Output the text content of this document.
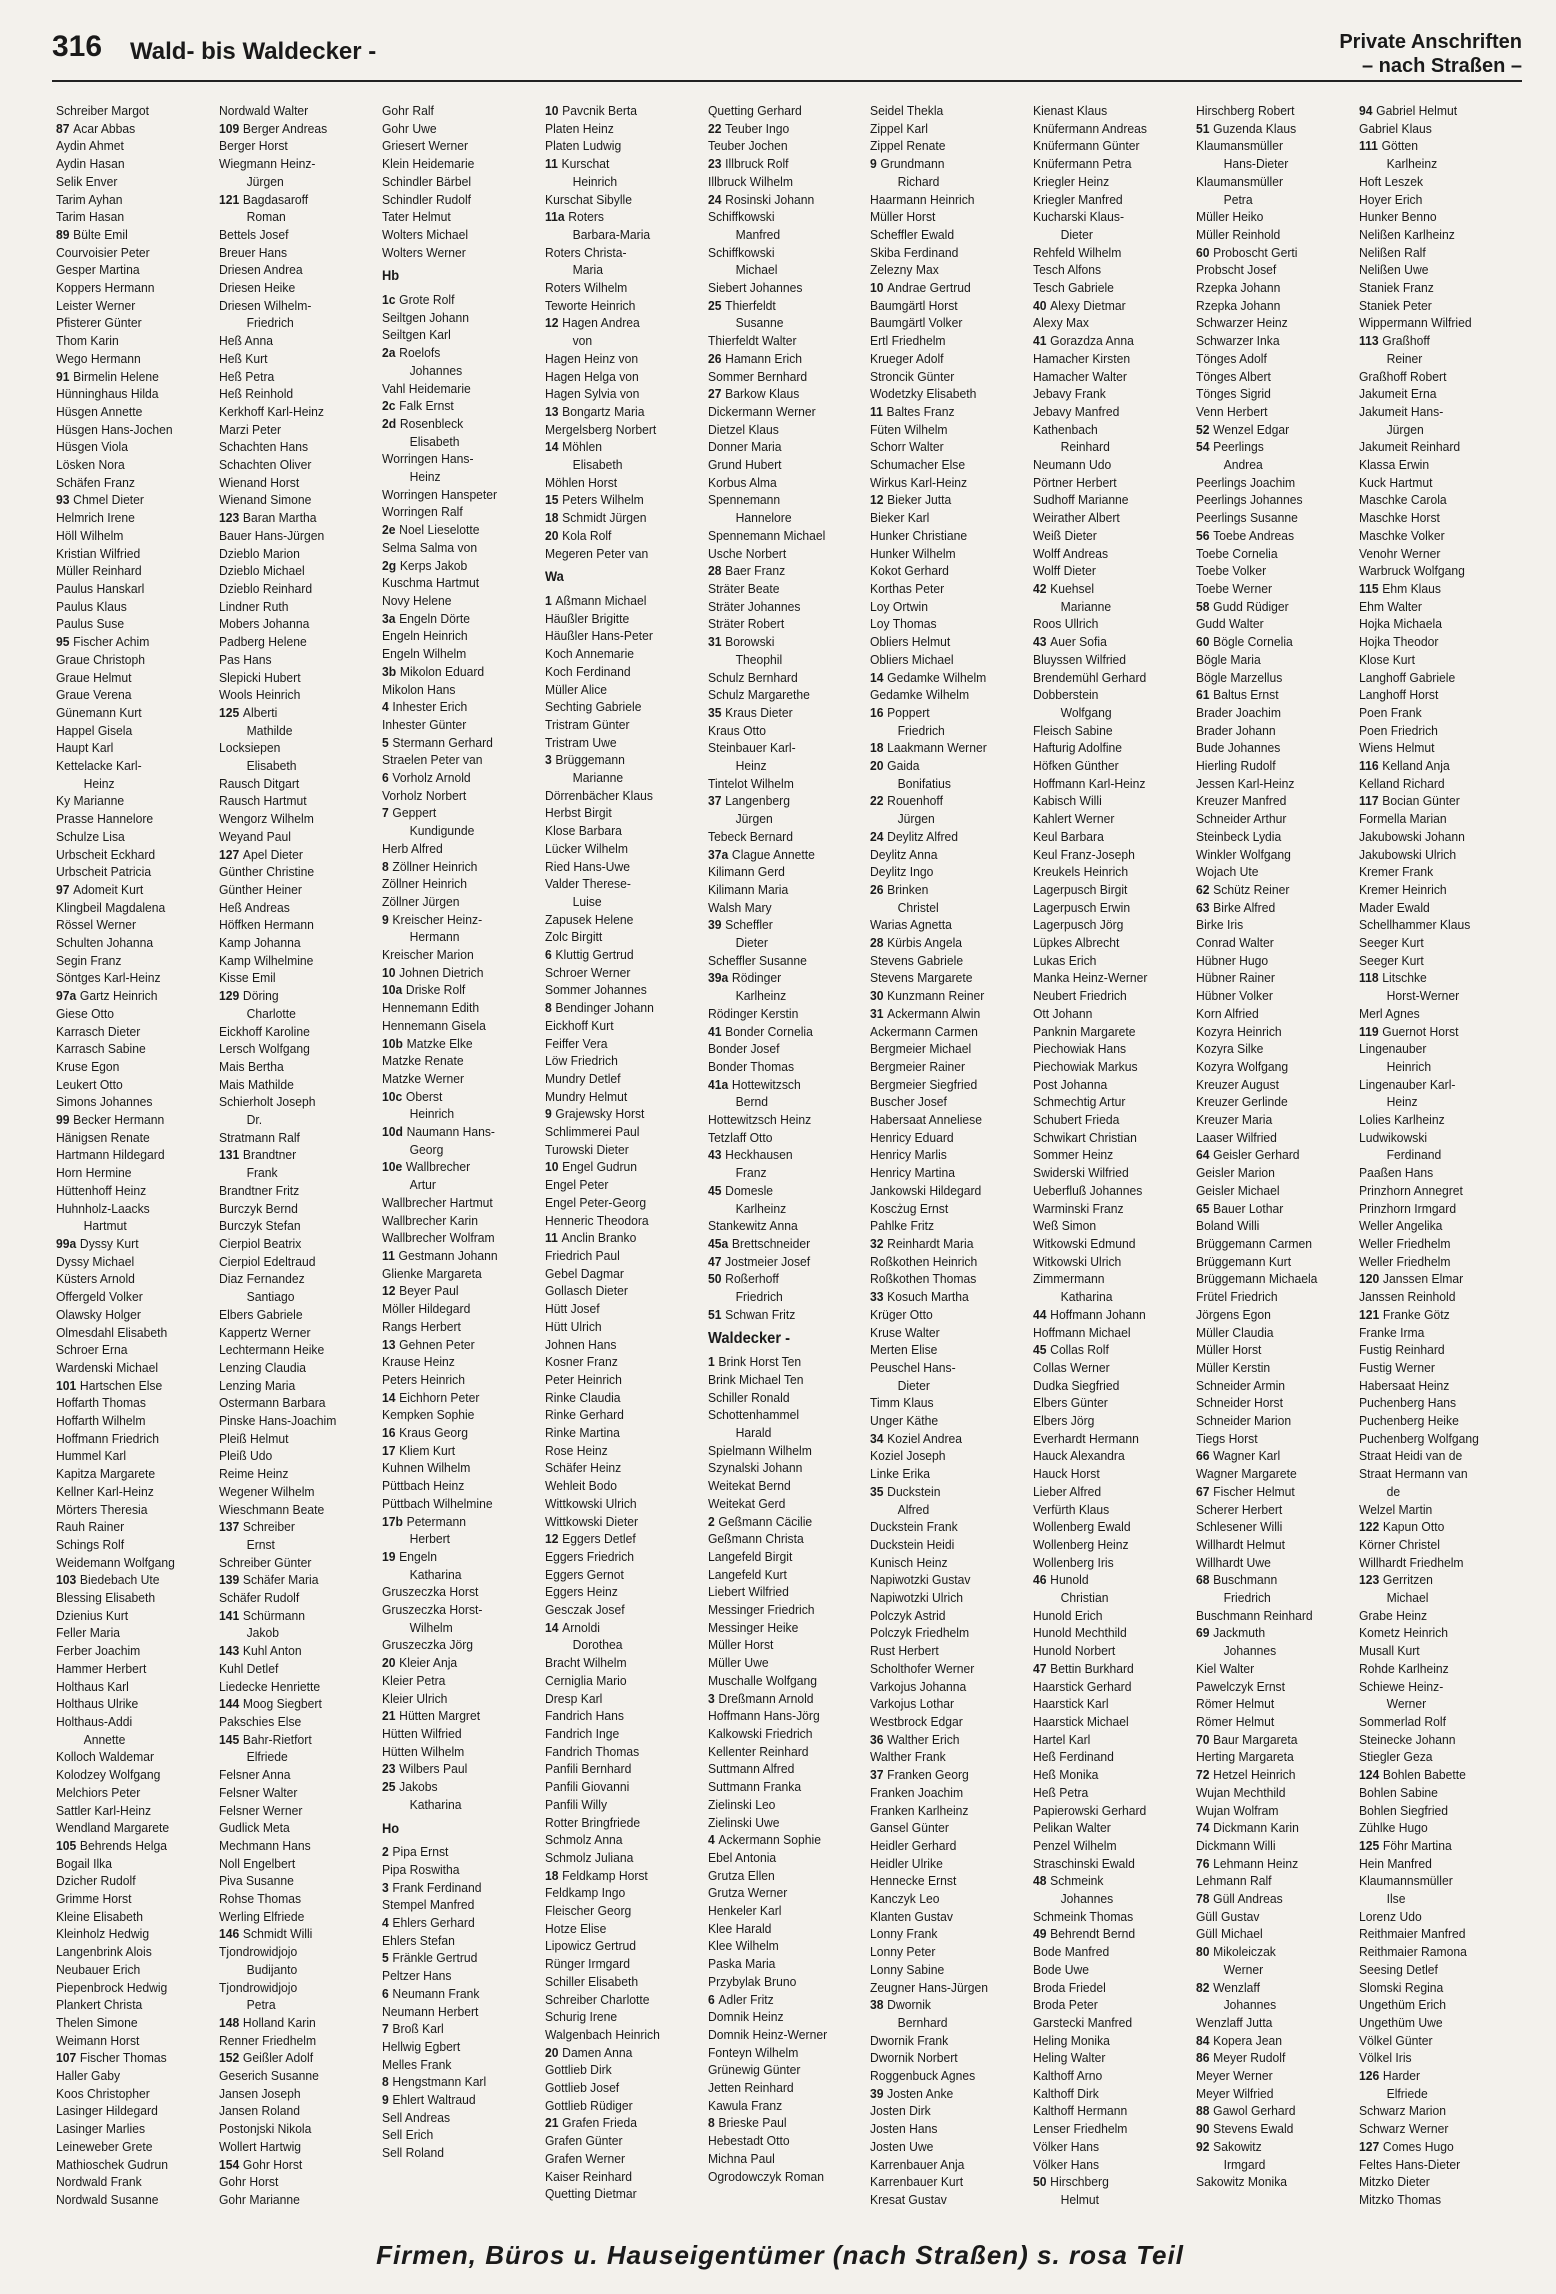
316 Wald- bis Waldecker -	Private Anschriften
– nach Straßen –
Schreiber Margot
87 Acar Abbas
Aydin Ahmet
Aydin Hasan
Selik Enver
Tarim Ayhan
Tarim Hasan
89 Bülte Emil
Courvoisier Peter
Gesper Martina
Koppers Hermann
Leister Werner
Pfisterer Günter
Thom Karin
Wego Hermann
91 Birmelin Helene
Hünninghaus Hilda
Hüsgen Annette
Hüsgen Hans-Jochen
Hüsgen Viola
Lösken Nora
Schäfen Franz
93 Chmel Dieter
Helmrich Irene
Höll Wilhelm
Kristian Wilfried
Müller Reinhard
Paulus Hanskarl
Paulus Klaus
Paulus Suse
95 Fischer Achim
Graue Christoph
Graue Helmut
Graue Verena
Günemann Kurt
Happel Gisela
Haupt Karl
Kettelacke Karl-
Heinz
Ky Marianne
Prasse Hannelore
Schulze Lisa
Urbscheit Eckhard
Urbscheit Patricia
97 Adomeit Kurt
Klingbeil Magdalena
Rössel Werner
Schulten Johanna
Segin Franz
Söntges Karl-Heinz
97a Gartz Heinrich
Giese Otto
Karrasch Dieter
Karrasch Sabine
Kruse Egon
Leukert Otto
Simons Johannes
99 Becker Hermann
Hänigsen Renate
Hartmann Hildegard
Horn Hermine
Hüttenhoff Heinz
Huhnholz-Laacks
Hartmut
99a Dyssy Kurt
Dyssy Michael
Küsters Arnold
Offergeld Volker
Olawsky Holger
Olmesdahl Elisabeth
Schroer Erna
Wardenski Michael
101 Hartschen Else
Hoffarth Thomas
Hoffarth Wilhelm
Hoffmann Friedrich
Hummel Karl
Kapitza Margarete
Kellner Karl-Heinz
Mörters Theresia
Rauh Rainer
Schings Rolf
Weidemann Wolfgang
103 Biedebach Ute
Blessing Elisabeth
Dzienius Kurt
Feller Maria
Ferber Joachim
Hammer Herbert
Holthaus Karl
Holthaus Ulrike
Holthaus-Addi
Annette
Kolloch Waldemar
Kolodzey Wolfgang
Melchiors Peter
Sattler Karl-Heinz
Wendland Margarete
105 Behrends Helga
Bogail Ilka
Dzicher Rudolf
Grimme Horst
Kleine Elisabeth
Kleinholz Hedwig
Langenbrink Alois
Neubauer Erich
Piepenbrock Hedwig
Plankert Christa
Thelen Simone
Weimann Horst
107 Fischer Thomas
Haller Gaby
Koos Christopher
Lasinger Hildegard
Lasinger Marlies
Leineweber Grete
Mathioschek Gudrun
Nordwald Frank
Nordwald Susanne
Nordwald Walter
109 Berger Andreas
Berger Horst
Wiegmann Heinz-
Jürgen
121 Bagdasaroff
Roman
Bettels Josef
Breuer Hans
Driesen Andrea
Driesen Heike
Driesen Wilhelm-
Friedrich
Heß Anna
Heß Kurt
Heß Petra
Heß Reinhold
Kerkhoff Karl-Heinz
Marzi Peter
Schachten Hans
Schachten Oliver
Wienand Horst
Wienand Simone
123 Baran Martha
Bauer Hans-Jürgen
Dzieblo Marion
Dzieblo Michael
Dzieblo Reinhard
Lindner Ruth
Mobers Johanna
Padberg Helene
Pas Hans
Slepicki Hubert
Wools Heinrich
125 Alberti
Mathilde
Locksiepen
Elisabeth
Rausch Ditgart
Rausch Hartmut
Wengorz Wilhelm
Weyand Paul
127 Apel Dieter
Günther Christine
Günther Heiner
Heß Andreas
Höffken Hermann
Kamp Johanna
Kamp Wilhelmine
Kisse Emil
129 Döring
Charlotte
Eickhoff Karoline
Lersch Wolfgang
Mais Bertha
Mais Mathilde
Schierholt Joseph
Dr.
Stratmann Ralf
131 Brandtner
Frank
Brandtner Fritz
Burczyk Bernd
Burczyk Stefan
Cierpiol Beatrix
Cierpiol Edeltraud
Diaz Fernandez
Santiago
Elbers Gabriele
Kappertz Werner
Lechtermann Heike
Lenzing Claudia
Lenzing Maria
Ostermann Barbara
Pinske Hans-Joachim
Pleiß Helmut
Pleiß Udo
Reime Heinz
Wegener Wilhelm
Wieschmann Beate
137 Schreiber
Ernst
Schreiber Günter
139 Schäfer Maria
Schäfer Rudolf
141 Schürmann
Jakob
143 Kuhl Anton
Kuhl Detlef
Liedecke Henriette
144 Moog Siegbert
Pakschies Else
145 Bahr-Rietfort
Elfriede
Felsner Anna
Felsner Walter
Felsner Werner
Gudlick Meta
Mechmann Hans
Noll Engelbert
Piva Susanne
Rohse Thomas
Werling Elfriede
146 Schmidt Willi
Tjondrowidjojo
Budijanto
Tjondrowidjojo
Petra
148 Holland Karin
Renner Friedhelm
152 Geißler Adolf
Geserich Susanne
Jansen Joseph
Jansen Roland
Postonjski Nikola
Wollert Hartwig
154 Gohr Horst
Gohr Horst
Gohr Marianne
Gohr Ralf
Gohr Uwe
Griesert Werner
Klein Heidemarie
Schindler Bärbel
Schindler Rudolf
Tater Helmut
Wolters Michael
Wolters Werner
Hb
1c Grote Rolf
Seiltgen Johann
Seiltgen Karl
2a Roelofs
Johannes
Vahl Heidemarie
2c Falk Ernst
2d Rosenbleck
Elisabeth
Worringen Hans-
Heinz
Worringen Hanspeter
Worringen Ralf
2e Noel Lieselotte
Selma Salma von
2g Kerps Jakob
Kuschma Hartmut
Novy Helene
3a Engeln Dörte
Engeln Heinrich
Engeln Wilhelm
3b Mikolon Eduard
Mikolon Hans
4 Inhester Erich
Inhester Günter
5 Stermann Gerhard
Straelen Peter van
6 Vorholz Arnold
Vorholz Norbert
7 Geppert
Kundigunde
Herb Alfred
8 Zöllner Heinrich
Zöllner Heinrich
Zöllner Jürgen
9 Kreischer Heinz-
Hermann
Kreischer Marion
10 Johnen Dietrich
10a Driske Rolf
Hennemann Edith
Hennemann Gisela
10b Matzke Elke
Matzke Renate
Matzke Werner
10c Oberst
Heinrich
10d Naumann Hans-
Georg
10e Wallbrecher
Artur
Wallbrecher Hartmut
Wallbrecher Karin
Wallbrecher Wolfram
11 Gestmann Johann
Glienke Margareta
12 Beyer Paul
Möller Hildegard
Rangs Herbert
13 Gehnen Peter
Krause Heinz
Peters Heinrich
14 Eichhorn Peter
Kempken Sophie
16 Kraus Georg
17 Kliem Kurt
Kuhnen Wilhelm
Püttbach Heinz
Püttbach Wilhelmine
17b Petermann
Herbert
19 Engeln
Katharina
Gruszeczka Horst
Gruszeczka Horst-
Wilhelm
Gruszeczka Jörg
20 Kleier Anja
Kleier Petra
Kleier Ulrich
21 Hütten Margret
Hütten Wilfried
Hütten Wilhelm
23 Wilbers Paul
25 Jakobs
Katharina
Ho
2 Pipa Ernst
Pipa Roswitha
3 Frank Ferdinand
Stempel Manfred
4 Ehlers Gerhard
Ehlers Stefan
5 Fränkle Gertrud
Peltzer Hans
6 Neumann Frank
Neumann Herbert
7 Broß Karl
Hellwig Egbert
Melles Frank
8 Hengstmann Karl
9 Ehlert Waltraud
Sell Andreas
Sell Erich
Sell Roland
10 Pavcnik Berta
Platen Heinz
Platen Ludwig
11 Kurschat
Heinrich
Kurschat Sibylle
11a Roters
Barbara-Maria
Roters Christa-
Maria
Roters Wilhelm
Teworte Heinrich
12 Hagen Andrea
von
Hagen Heinz von
Hagen Helga von
Hagen Sylvia von
13 Bongartz Maria
Mergelsberg Norbert
14 Möhlen
Elisabeth
Möhlen Horst
15 Peters Wilhelm
18 Schmidt Jürgen
20 Kola Rolf
Megeren Peter van
Wa
1 Aßmann Michael
Häußler Brigitte
Häußler Hans-Peter
Koch Annemarie
Koch Ferdinand
Müller Alice
Sechting Gabriele
Tristram Günter
Tristram Uwe
3 Brüggemann
Marianne
Dörrenbächer Klaus
Herbst Birgit
Klose Barbara
Lücker Wilhelm
Ried Hans-Uwe
Valder Therese-
Luise
Zapusek Helene
Zolc Birgitt
6 Kluttig Gertrud
Schroer Werner
Sommer Johannes
8 Bendinger Johann
Eickhoff Kurt
Feiffer Vera
Löw Friedrich
Mundry Detlef
Mundry Helmut
9 Grajewsky Horst
Schlimmerei Paul
Turowski Dieter
10 Engel Gudrun
Engel Peter
Engel Peter-Georg
Henneric Theodora
11 Anclin Branko
Friedrich Paul
Gebel Dagmar
Gollasch Dieter
Hütt Josef
Hütt Ulrich
Johnen Hans
Kosner Franz
Peter Heinrich
Rinke Claudia
Rinke Gerhard
Rinke Martina
Rose Heinz
Schäfer Heinz
Wehleit Bodo
Wittkowski Ulrich
Wittkowski Dieter
12 Eggers Detlef
Eggers Friedrich
Eggers Gernot
Eggers Heinz
Gesczak Josef
14 Arnoldi
Dorothea
Bracht Wilhelm
Cerniglia Mario
Dresp Karl
Fandrich Hans
Fandrich Inge
Fandrich Thomas
Panfili Bernhard
Panfili Giovanni
Panfili Willy
Rotter Bringfriede
Schmolz Anna
Schmolz Juliana
18 Feldkamp Horst
Feldkamp Ingo
Fleischer Georg
Hotze Elise
Lipowicz Gertrud
Rünger Irmgard
Schiller Elisabeth
Schreiber Charlotte
Schurig Irene
Walgenbach Heinrich
20 Damen Anna
Gottlieb Dirk
Gottlieb Josef
Gottlieb Rüdiger
21 Grafen Frieda
Grafen Günter
Grafen Werner
Kaiser Reinhard
Quetting Dietmar
Quetting Gerhard
22 Teuber Ingo
Teuber Jochen
23 Illbruck Rolf
Illbruck Wilhelm
24 Rosinski Johann
Schiffkowski
Manfred
Schiffkowski
Michael
Siebert Johannes
25 Thierfeldt
Susanne
Thierfeldt Walter
26 Hamann Erich
Sommer Bernhard
27 Barkow Klaus
Dickermann Werner
Dietzel Klaus
Donner Maria
Grund Hubert
Korbus Alma
Spennemann
Hannelore
Spennemann Michael
Usche Norbert
28 Baer Franz
Sträter Beate
Sträter Johannes
Sträter Robert
31 Borowski
Theophil
Schulz Bernhard
Schulz Margarethe
35 Kraus Dieter
Kraus Otto
Steinbauer Karl-
Heinz
Tintelot Wilhelm
37 Langenberg
Jürgen
Tebeck Bernard
37a Clague Annette
Kilimann Gerd
Kilimann Maria
Walsh Mary
39 Scheffler
Dieter
Scheffler Susanne
39a Rödinger
Karlheinz
Rödinger Kerstin
41 Bonder Cornelia
Bonder Josef
Bonder Thomas
41a Hottewitzsch
Bernd
Hottewitzsch Heinz
Tetzlaff Otto
43 Heckhausen
Franz
45 Domesle
Karlheinz
Stankewitz Anna
45a Brettschneider
47 Jostmeier Josef
50 Roßerhoff
Friedrich
51 Schwan Fritz
Waldecker -
1 Brink Horst Ten
Brink Michael Ten
Schiller Ronald
Schottenhammel
Harald
Spielmann Wilhelm
Szynalski Johann
Weitekat Bernd
Weitekat Gerd
2 Geßmann Cäcilie
Geßmann Christa
Langefeld Birgit
Langefeld Kurt
Liebert Wilfried
Messinger Friedrich
Messinger Heike
Müller Horst
Müller Uwe
Muschalle Wolfgang
3 Dreßmann Arnold
Hoffmann Hans-Jörg
Kalkowski Friedrich
Kellenter Reinhard
Suttmann Alfred
Suttmann Franka
Zielinski Leo
Zielinski Uwe
4 Ackermann Sophie
Ebel Antonia
Grutza Ellen
Grutza Werner
Henkeler Karl
Klee Harald
Klee Wilhelm
Paska Maria
Przybylak Bruno
6 Adler Fritz
Domnik Heinz
Domnik Heinz-Werner
Fonteyn Wilhelm
Grünewig Günter
Jetten Reinhard
Kawula Franz
8 Brieske Paul
Hebestadt Otto
Michna Paul
Ogrodowczyk Roman
Seidel Thekla
Zippel Karl
Zippel Renate
9 Grundmann
Richard
Haarmann Heinrich
Müller Horst
Scheffler Ewald
Skiba Ferdinand
Zelezny Max
10 Andrae Gertrud
Baumgärtl Horst
Baumgärtl Volker
Ertl Friedhelm
Krueger Adolf
Stroncik Günter
Wodetzky Elisabeth
11 Baltes Franz
Füten Wilhelm
Schorr Walter
Schumacher Else
Wirkus Karl-Heinz
12 Bieker Jutta
Bieker Karl
Hunker Christiane
Hunker Wilhelm
Kokot Gerhard
Korthas Peter
Loy Ortwin
Loy Thomas
Obliers Helmut
Obliers Michael
14 Gedamke Wilhelm
Gedamke Wilhelm
16 Poppert
Friedrich
18 Laakmann Werner
20 Gaida
Bonifatius
22 Rouenhoff
Jürgen
24 Deylitz Alfred
Deylitz Anna
Deylitz Ingo
26 Brinken
Christel
Warias Agnetta
28 Kürbis Angela
Stevens Gabriele
Stevens Margarete
30 Kunzmann Reiner
31 Ackermann Alwin
Ackermann Carmen
Bergmeier Michael
Bergmeier Rainer
Bergmeier Siegfried
Buscher Josef
Habersaat Anneliese
Henricy Eduard
Henricy Marlis
Henricy Martina
Jankowski Hildegard
Koscżug Ernst
Pahlke Fritz
32 Reinhardt Maria
Roßkothen Heinrich
Roßkothen Thomas
33 Kosuch Martha
Krüger Otto
Kruse Walter
Merten Elise
Peuschel Hans-
Dieter
Timm Klaus
Unger Käthe
34 Koziel Andrea
Koziel Joseph
Linke Erika
35 Duckstein
Alfred
Duckstein Frank
Duckstein Heidi
Kunisch Heinz
Napiwotzki Gustav
Napiwotzki Ulrich
Polczyk Astrid
Polczyk Friedhelm
Rust Herbert
Scholthofer Werner
Varkojus Johanna
Varkojus Lothar
Westbrock Edgar
36 Walther Erich
Walther Frank
37 Franken Georg
Franken Joachim
Franken Karlheinz
Gansel Günter
Heidler Gerhard
Heidler Ulrike
Hennecke Ernst
Kanczyk Leo
Klanten Gustav
Lonny Frank
Lonny Peter
Lonny Sabine
Zeugner Hans-Jürgen
38 Dwornik
Bernhard
Dwornik Frank
Dwornik Norbert
Roggenbuck Agnes
39 Josten Anke
Josten Dirk
Josten Hans
Josten Uwe
Karrenbauer Anja
Karrenbauer Kurt
Kresat Gustav
Kienast Klaus
Knüfermann Andreas
Knüfermann Günter
Knüfermann Petra
Kriegler Heinz
Kriegler Manfred
Kucharski Klaus-
Dieter
Rehfeld Wilhelm
Tesch Alfons
Tesch Gabriele
40 Alexy Dietmar
Alexy Max
41 Gorazdza Anna
Hamacher Kirsten
Hamacher Walter
Jebavy Frank
Jebavy Manfred
Kathenbach
Reinhard
Neumann Udo
Pörtner Herbert
Sudhoff Marianne
Weirather Albert
Weiß Dieter
Wolff Andreas
Wolff Dieter
42 Kuehsel
Marianne
Roos Ullrich
43 Auer Sofia
Bluyssen Wilfried
Brendemühl Gerhard
Dobberstein
Wolfgang
Fleisch Sabine
Hafturig Adolfine
Höfken Günther
Hoffmann Karl-Heinz
Kabisch Willi
Kahlert Werner
Keul Barbara
Keul Franz-Joseph
Kreukels Heinrich
Lagerpusch Birgit
Lagerpusch Erwin
Lagerpusch Jörg
Lüpkes Albrecht
Lukas Erich
Manka Heinz-Werner
Neubert Friedrich
Ott Johann
Panknin Margarete
Piechowiak Hans
Piechowiak Markus
Post Johanna
Schmechtig Artur
Schubert Frieda
Schwikart Christian
Sommer Heinz
Swiderski Wilfried
Ueberfluß Johannes
Warminski Franz
Weß Simon
Witkowski Edmund
Witkowski Ulrich
Zimmermann
Katharina
44 Hoffmann Johann
Hoffmann Michael
45 Collas Rolf
Collas Werner
Dudka Siegfried
Elbers Günter
Elbers Jörg
Everhardt Hermann
Hauck Alexandra
Hauck Horst
Lieber Alfred
Verfürth Klaus
Wollenberg Ewald
Wollenberg Heinz
Wollenberg Iris
46 Hunold
Christian
Hunold Erich
Hunold Mechthild
Hunold Norbert
47 Bettin Burkhard
Haarstick Gerhard
Haarstick Karl
Haarstick Michael
Hartel Karl
Heß Ferdinand
Heß Monika
Heß Petra
Papierowski Gerhard
Pelikan Walter
Penzel Wilhelm
Straschinski Ewald
48 Schmeink
Johannes
Schmeink Thomas
49 Behrendt Bernd
Bode Manfred
Bode Uwe
Broda Friedel
Broda Peter
Garstecki Manfred
Heling Monika
Heling Walter
Kalthoff Arno
Kalthoff Dirk
Kalthoff Hermann
Lenser Friedhelm
Völker Hans
Völker Hans
50 Hirschberg
Helmut
Hirschberg Robert
51 Guzenda Klaus
Klaumansmüller
Hans-Dieter
Klaumansmüller
Petra
Müller Heiko
Müller Reinhold
60 Proboscht Gerti
Probscht Josef
Rzepka Johann
Rzepka Johann
Schwarzer Heinz
Schwarzer Inka
Tönges Adolf
Tönges Albert
Tönges Sigrid
Venn Herbert
52 Wenzel Edgar
54 Peerlings
Andrea
Peerlings Joachim
Peerlings Johannes
Peerlings Susanne
56 Toebe Andreas
Toebe Cornelia
Toebe Volker
Toebe Werner
58 Gudd Rüdiger
Gudd Walter
60 Bögle Cornelia
Bögle Maria
Bögle Marzellus
61 Baltus Ernst
Brader Joachim
Brader Johann
Bude Johannes
Hierling Rudolf
Jessen Karl-Heinz
Kreuzer Manfred
Schneider Arthur
Steinbeck Lydia
Winkler Wolfgang
Wojach Ute
62 Schütz Reiner
63 Birke Alfred
Birke Iris
Conrad Walter
Hübner Hugo
Hübner Rainer
Hübner Volker
Korn Alfried
Kozyra Heinrich
Kozyra Silke
Kozyra Wolfgang
Kreuzer August
Kreuzer Gerlinde
Kreuzer Maria
Laaser Wilfried
64 Geisler Gerhard
Geisler Marion
Geisler Michael
65 Bauer Lothar
Boland Willi
Brüggemann Carmen
Brüggemann Kurt
Brüggemann Michaela
Frütel Friedrich
Jörgens Egon
Müller Claudia
Müller Horst
Müller Kerstin
Schneider Armin
Schneider Horst
Schneider Marion
Tiegs Horst
66 Wagner Karl
Wagner Margarete
67 Fischer Helmut
Scherer Herbert
Schlesener Willi
Willhardt Helmut
Willhardt Uwe
68 Buschmann
Friedrich
Buschmann Reinhard
69 Jackmuth
Johannes
Kiel Walter
Pawelczyk Ernst
Römer Helmut
Römer Helmut
70 Baur Margareta
Herting Margareta
72 Hetzel Heinrich
Wujan Mechthild
Wujan Wolfram
74 Dickmann Karin
Dickmann Willi
76 Lehmann Heinz
Lehmann Ralf
78 Güll Andreas
Güll Gustav
Güll Michael
80 Mikoleiczak
Werner
82 Wenzlaff
Johannes
Wenzlaff Jutta
84 Kopera Jean
86 Meyer Rudolf
Meyer Werner
Meyer Wilfried
88 Gawol Gerhard
90 Stevens Ewald
92 Sakowitz
Irmgard
Sakowitz Monika
94 Gabriel Helmut
Gabriel Klaus
111 Götten
Karlheinz
Hoft Leszek
Hoyer Erich
Hunker Benno
Nelißen Karlheinz
Nelißen Ralf
Nelißen Uwe
Staniek Franz
Staniek Peter
Wippermann Wilfried
113 Graßhoff
Reiner
Graßhoff Robert
Jakumeit Erna
Jakumeit Hans-
Jürgen
Jakumeit Reinhard
Klassa Erwin
Kuck Hartmut
Maschke Carola
Maschke Horst
Maschke Volker
Venohr Werner
Warbruck Wolfgang
115 Ehm Klaus
Ehm Walter
Hojka Michaela
Hojka Theodor
Klose Kurt
Langhoff Gabriele
Langhoff Horst
Poen Frank
Poen Friedrich
Wiens Helmut
116 Kelland Anja
Kelland Richard
117 Bocian Günter
Formella Marian
Jakubowski Johann
Jakubowski Ulrich
Kremer Frank
Kremer Heinrich
Mader Ewald
Schellhammer Klaus
Seeger Kurt
Seeger Kurt
118 Litschke
Horst-Werner
Merl Agnes
119 Guernot Horst
Lingenauber
Heinrich
Lingenauber Karl-
Heinz
Lolies Karlheinz
Ludwikowski
Ferdinand
Paaßen Hans
Prinzhorn Annegret
Prinzhorn Irmgard
Weller Angelika
Weller Friedhelm
Weller Friedhelm
120 Janssen Elmar
Janssen Reinhold
121 Franke Götz
Franke Irma
Fustig Reinhard
Fustig Werner
Habersaat Heinz
Puchenberg Hans
Puchenberg Heike
Puchenberg Wolfgang
Straat Heidi van de
Straat Hermann van
de
Welzel Martin
122 Kapun Otto
Körner Christel
Willhardt Friedhelm
123 Gerritzen
Michael
Grabe Heinz
Kometz Heinrich
Musall Kurt
Rohde Karlheinz
Schiewe Heinz-
Werner
Sommerlad Rolf
Steinecke Johann
Stiegler Geza
124 Bohlen Babette
Bohlen Sabine
Bohlen Siegfried
Zühlke Hugo
125 Föhr Martina
Hein Manfred
Klaumannsmüller
Ilse
Lorenz Udo
Reithmaier Manfred
Reithmaier Ramona
Seesing Detlef
Slomski Regina
Ungethüm Erich
Ungethüm Uwe
Völkel Günter
Völkel Iris
126 Harder
Elfriede
Schwarz Marion
Schwarz Werner
127 Comes Hugo
Feltes Hans-Dieter
Mitzko Dieter
Mitzko Thomas
Firmen, Büros u. Hauseigentümer (nach Straßen) s. rosa Teil
